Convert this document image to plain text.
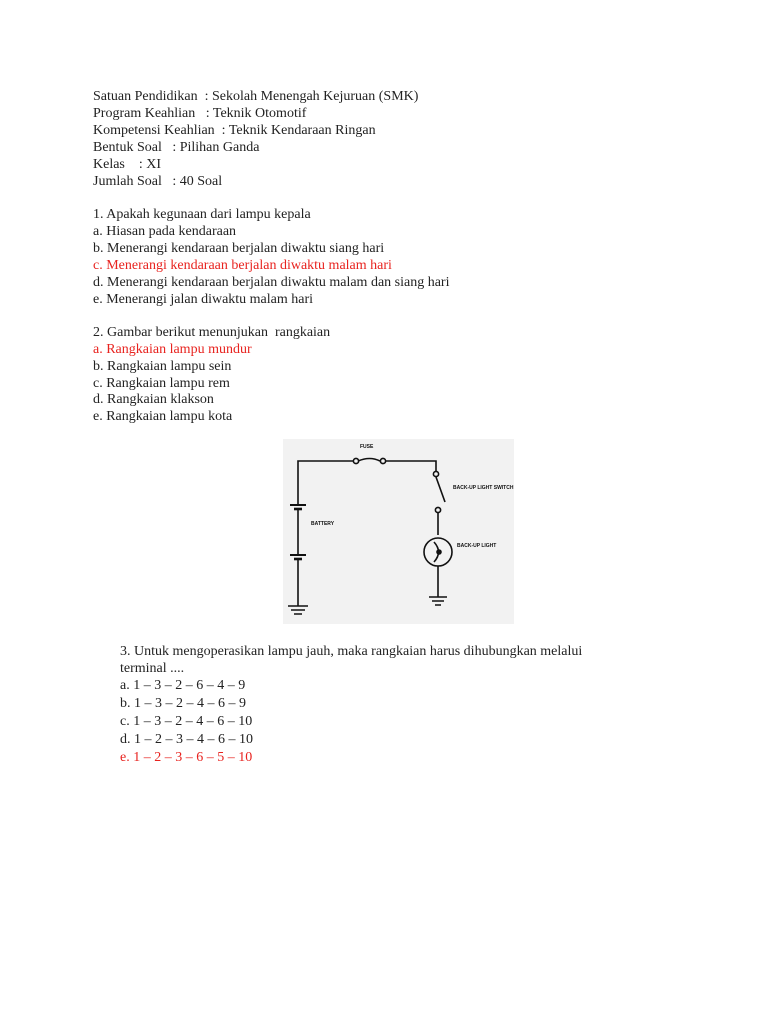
Satuan Pendidikan  : Sekolah Menengah Kejuruan (SMK)
Program Keahlian   : Teknik Otomotif
Kompetensi Keahlian  : Teknik Kendaraan Ringan
Bentuk Soal   : Pilihan Ganda
Kelas    : XI
Jumlah Soal   : 40 Soal
1. Apakah kegunaan dari lampu kepala
a. Hiasan pada kendaraan
b. Menerangi kendaraan berjalan diwaktu siang hari
c. Menerangi kendaraan berjalan diwaktu malam hari
d. Menerangi kendaraan berjalan diwaktu malam dan siang hari
e. Menerangi jalan diwaktu malam hari
2. Gambar berikut menunjukan  rangkaian
a. Rangkaian lampu mundur
b. Rangkaian lampu sein
c. Rangkaian lampu rem
d. Rangkaian klakson
e. Rangkaian lampu kota
FUSE
BACK-UP LIGHT SWITCH
BATTERY
BACK-UP LIGHT
3. Untuk mengoperasikan lampu jauh, maka rangkaian harus dihubungkan melalui
terminal ....
a. 1 – 3 – 2 – 6 – 4 – 9
b. 1 – 3 – 2 – 4 – 6 – 9
c. 1 – 3 – 2 – 4 – 6 – 10
d. 1 – 2 – 3 – 4 – 6 – 10
e. 1 – 2 – 3 – 6 – 5 – 10
